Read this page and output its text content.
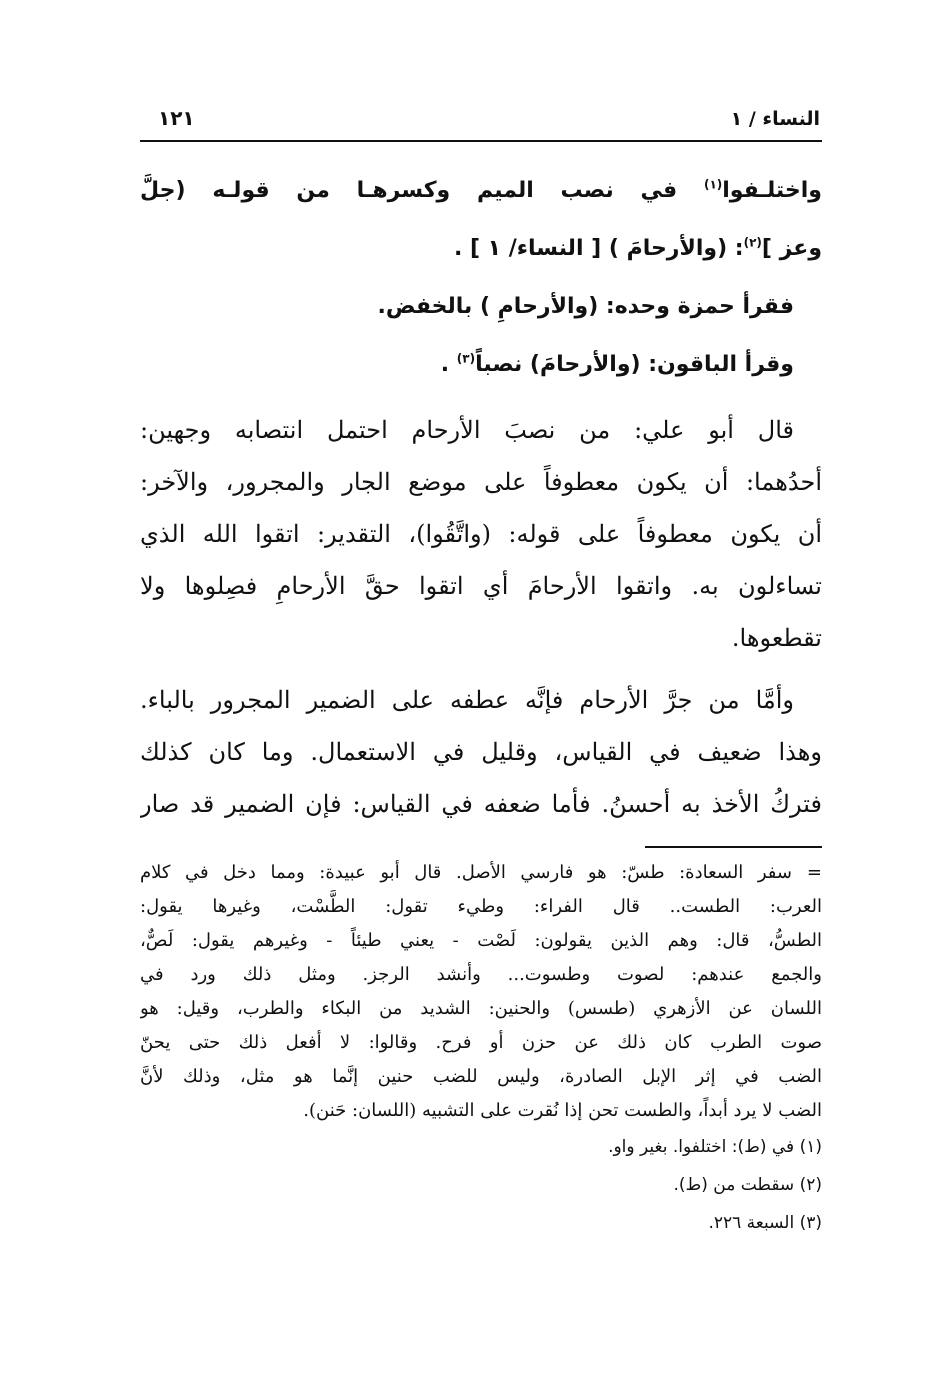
النساء / ١
١٢١
واختلـفوا$^{(١)}$ في نصب الميم وكسرهـا من قولـه (جلَّ
وعز ]$^{(٢)}$: (والأرحامَ ) [ النساء/ ١ ] .
فقرأ حمزة وحده: (والأرحامِ ) بالخفض.
وقرأ الباقون: (والأرحامَ) نصباً$^{(٣)}$ .
قال أبو علي: من نصبَ الأرحام احتمل انتصابه وجهين:
أحدُهما: أن يكون معطوفاً على موضع الجار والمجرور، والآخر:
أن يكون معطوفاً على قوله: (واتَّقُوا)، التقدير: اتقوا الله الذي
تساءلون به. واتقوا الأرحامَ أي اتقوا حقَّ الأرحامِ فصِلوها ولا
تقطعوها.
وأمَّا من جرَّ الأرحام فإنَّه عطفه على الضمير المجرور بالباء.
وهذا ضعيف في القياس، وقليل في الاستعمال. وما كان كذلك
فتركُ الأخذ به أحسنُ. فأما ضعفه في القياس: فإن الضمير قد صار
=
سفر السعادة: طسّ: هو فارسي الأصل. قال أبو عبيدة: ومما دخل في كلام
العرب: الطست.. قال الفراء: وطيء تقول: الطَّسْت، وغيرها يقول:
الطسُّ، قال: وهم الذين يقولون: لَصْت - يعني طيئاً - وغيرهم يقول: لَصٌّ،
والجمع عندهم: لصوت وطسوت... وأنشد الرجز. ومثل ذلك ورد في
اللسان عن الأزهري (طسس) والحنين: الشديد من البكاء والطرب، وقيل: هو
صوت الطرب كان ذلك عن حزن أو فرح. وقالوا: لا أفعل ذلك حتى يحنّ
الضب في إثر الإبل الصادرة، وليس للضب حنين إنَّما هو مثل، وذلك لأنَّ
الضب لا يرد أبداً، والطست تحن إذا نُقرت على التشبيه (اللسان: حَنن).
(١) في (ط): اختلفوا. بغير واو.
(٢) سقطت من (ط).
(٣) السبعة ٢٢٦.
